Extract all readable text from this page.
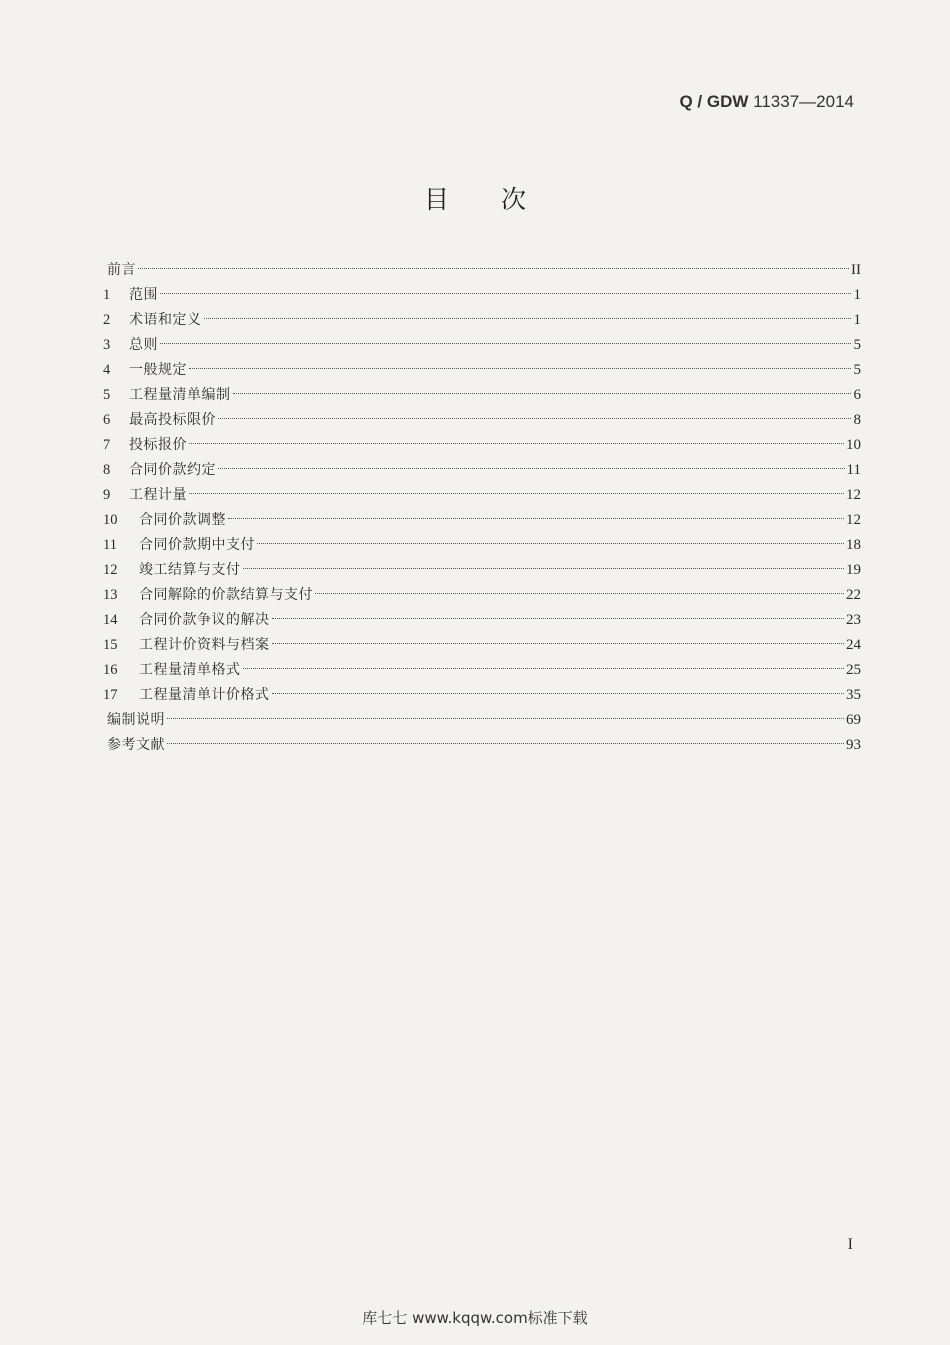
Q / GDW 11337—2014
目次
前言	II
1	范围	1
2	术语和定义	1
3	总则	5
4	一般规定	5
5	工程量清单编制	6
6	最高投标限价	8
7	投标报价	10
8	合同价款约定	11
9	工程计量	12
10	合同价款调整	12
11	合同价款期中支付	18
12	竣工结算与支付	19
13	合同解除的价款结算与支付	22
14	合同价款争议的解决	23
15	工程计价资料与档案	24
16	工程量清单格式	25
17	工程量清单计价格式	35
编制说明	69
参考文献	93
I
库七七 www.kqqw.com标准下载
